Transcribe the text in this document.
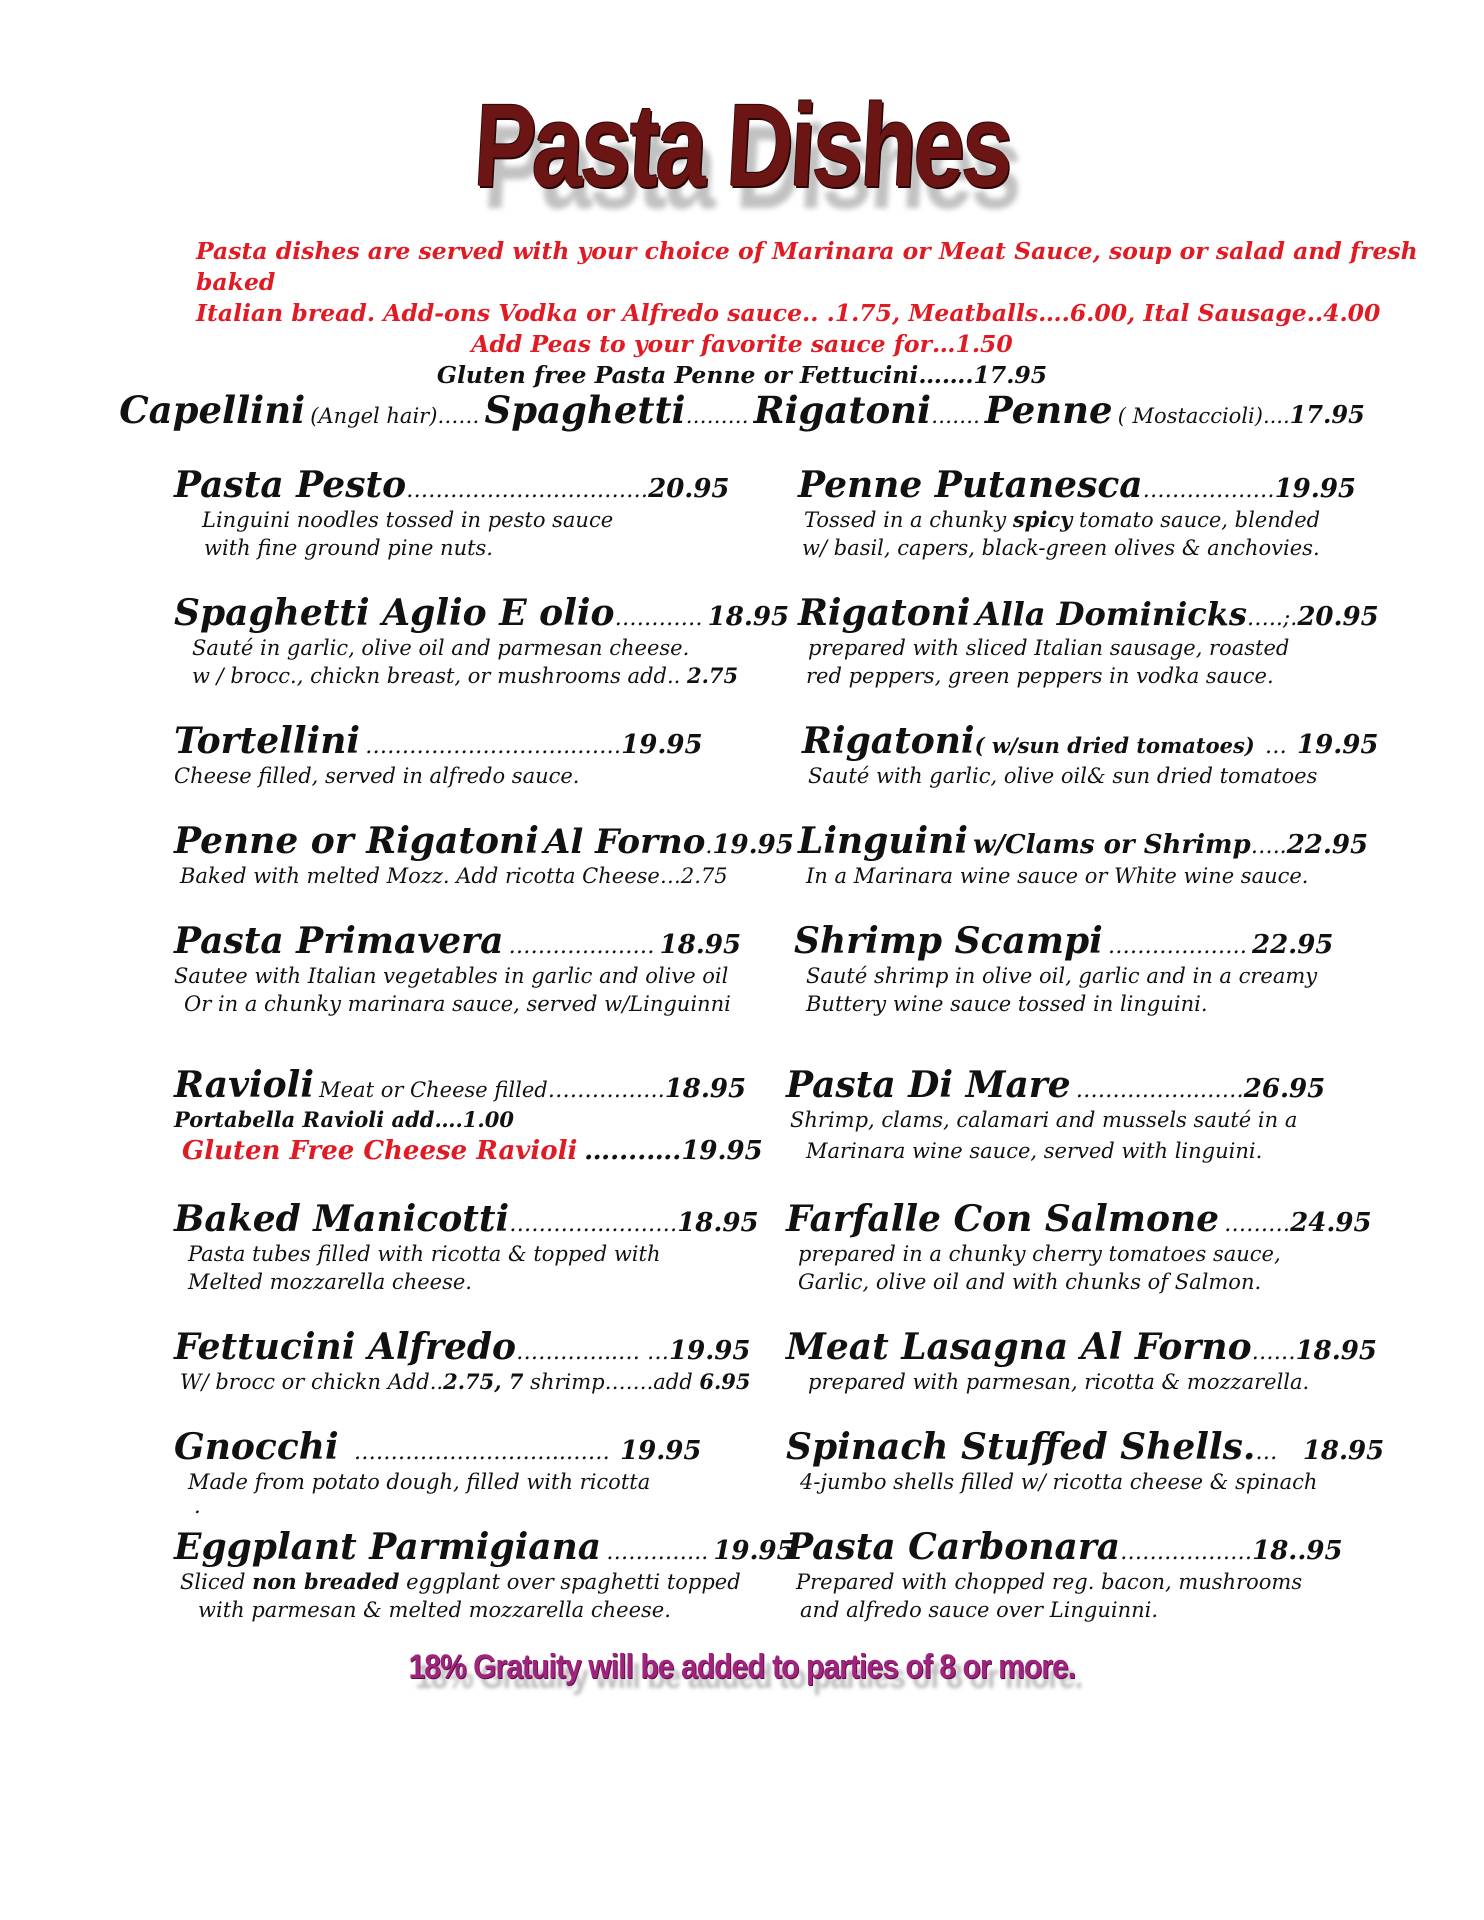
Pasta Dishes
Pasta dishes are served with your choice of Marinara or Meat Sauce, soup or salad and fresh baked
Italian bread. Add-ons Vodka or Alfredo sauce.. .1.75, Meatballs….6.00, Ital Sausage..4.00
Add Peas to your favorite sauce for…1.50
Gluten free Pasta Penne or Fettucini…….17.95
Capellini (Angel hair)…… Spaghetti……… Rigatoni……. Penne ( Mostaccioli)....17.95
Pasta Pesto……………………………20.95
Linguini noodles tossed in pesto sauce
with fine ground pine nuts.
Spaghetti Aglio E olio………… 18.95
Sauté in garlic, olive oil and parmesan cheese.
w / brocc., chickn breast, or mushrooms add.. 2.75
Tortellini ………………………..……19.95
Cheese filled, served in alfredo sauce.
Penne or Rigatoni Al Forno.19.95
Baked with melted Mozz. Add ricotta Cheese…2.75
Pasta Primavera …………..…… 18.95
Sautee with Italian vegetables in garlic and olive oil
Or in a chunky marinara sauce, served w/Linguinni
Ravioli Meat or Cheese filled…………….18.95
Portabella Ravioli add….1.00
Gluten Free Cheese Ravioli …....….19.95
Baked Manicotti…………..………18.95
Pasta tubes filled with ricotta & topped with
Melted mozzarella cheese.
Fettucini Alfredo…………..… …19.95
W/ brocc or chickn Add..2.75, 7 shrimp…….add 6.95
Gnocchi ………………………..…… 19.95
Made from potato dough, filled with ricotta
.
Eggplant Parmigiana ………….. 19.95
Sliced non breaded eggplant over spaghetti topped
with parmesan & melted mozzarella cheese.
Penne Putanesca………………19.95
Tossed in a chunky spicy tomato sauce, blended
w/ basil, capers, black-green olives & anchovies.
Rigatoni Alla Dominicks…..;.20.95
prepared with sliced Italian sausage, roasted
red peppers, green peppers in vodka sauce.
Rigatoni( w/sun dried tomatoes) … 19.95
Sauté with garlic, olive oil& sun dried tomatoes
Linguini w/Clams or Shrimp…..22.95
In a Marinara wine sauce or White wine sauce.
Shrimp Scampi ………………. 22.95
Sauté shrimp in olive oil, garlic and in a creamy
Buttery wine sauce tossed in linguini.
Pasta Di Mare ……………..……26.95
Shrimp, clams, calamari and mussels sauté in a
Marinara wine sauce, served with linguini.
Farfalle Con Salmone ………24.95
prepared in a chunky cherry tomatoes sauce,
Garlic, olive oil and with chunks of Salmon.
Meat Lasagna Al Forno……18.95
prepared with parmesan, ricotta & mozzarella.
Spinach Stuffed Shells.… 18.95
4-jumbo shells filled w/ ricotta cheese & spinach
Pasta Carbonara………………18..95
Prepared with chopped reg. bacon, mushrooms
and alfredo sauce over Linguinni.
18% Gratuity will be added to parties of 8 or more.
